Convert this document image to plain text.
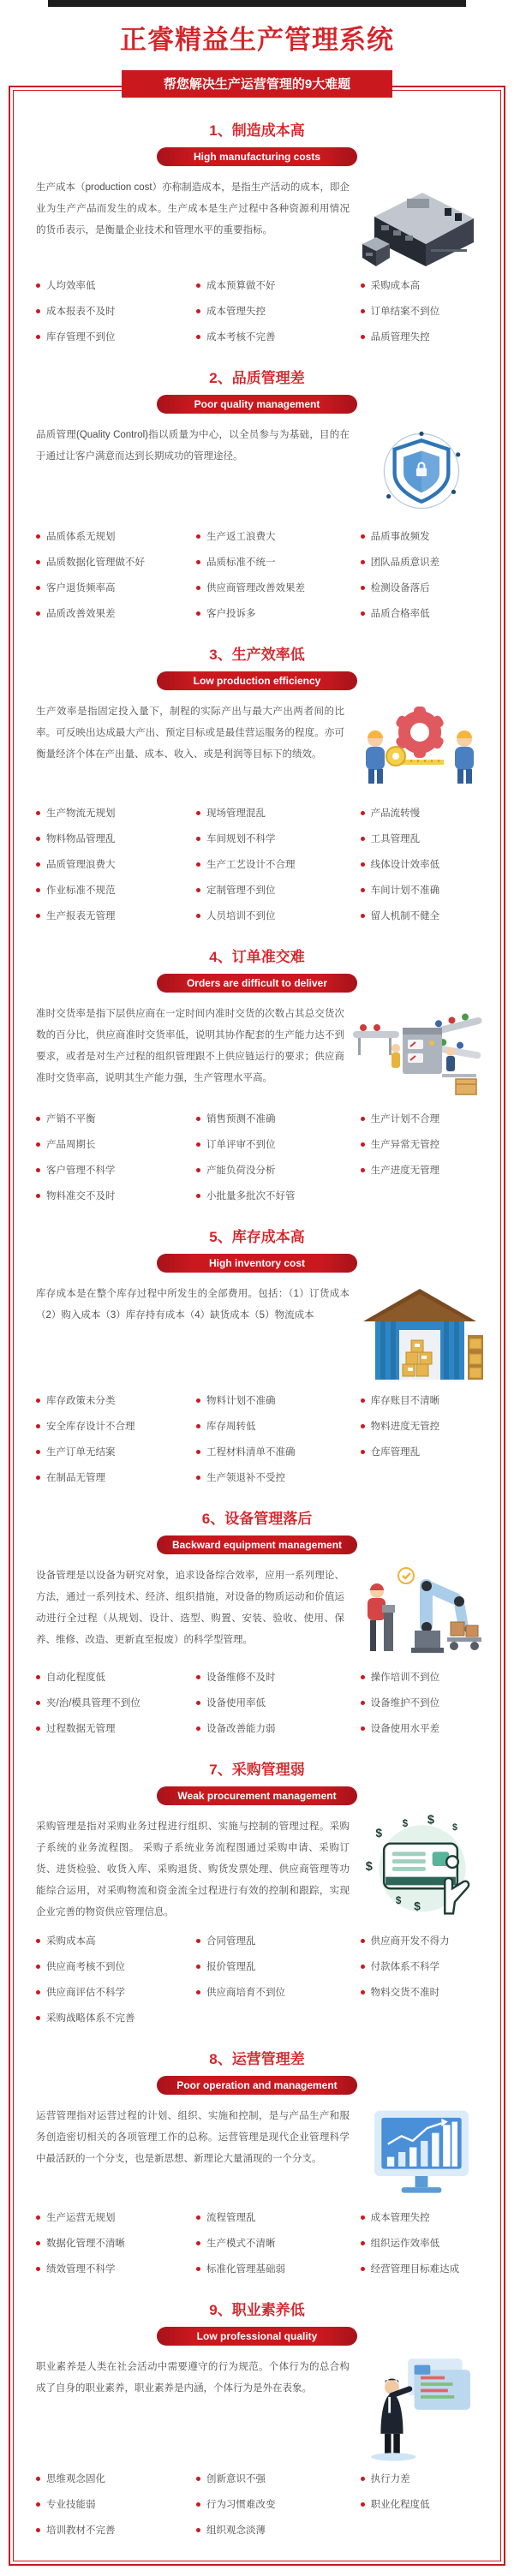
正睿精益生产管理系统
帮您解决生产运营管理的9大难题
1、制造成本高
High manufacturing costs

生产成本（production cost）亦称制造成本，是指生产活动的成本，即企业为生产产品而发生的成本。生产成本是生产过程中各种资源利用情况的货币表示，是衡量企业技术和管理水平的重要指标。

人均效率低	成本预算做不好	采购成本高
成本报表不及时	成本管理失控	订单结案不到位
库存管理不到位	成本考核不完善	品质管理失控
2、品质管理差
Poor quality management

品质管理(Quality Control)指以质量为中心，以全员参与为基础，目的在于通过让客户满意而达到长期成功的管理途径。

品质体系无规划	生产返工浪费大	品质事故频发
品质数据化管理做不好	品质标准不统一	团队品质意识差
客户退货频率高	供应商管理改善效果差	检测设备落后
品质改善效果差	客户投诉多	品质合格率低
3、生产效率低
Low production efficiency

生产效率是指固定投入量下，制程的实际产出与最大产出两者间的比率。可反映出达成最大产出、预定目标或是最佳营运服务的程度。亦可衡量经济个体在产出量、成本、收入、或是利润等目标下的绩效。

生产物流无规划	现场管理混乱	产品流转慢
物料物品管理乱	车间规划不科学	工具管理乱
品质管理浪费大	生产工艺设计不合理	线体设计效率低
作业标准不规范	定制管理不到位	车间计划不准确
生产报表无管理	人员培训不到位	留人机制不健全
4、订单准交难
Orders are difficult to deliver

准时交货率是指下层供应商在一定时间内准时交货的次数占其总交货次数的百分比，供应商准时交货率低，说明其协作配套的生产能力达不到要求，或者是对生产过程的组织管理跟不上供应链运行的要求；供应商准时交货率高，说明其生产能力强，生产管理水平高。

产销不平衡	销售预测不准确	生产计划不合理
产品周期长	订单评审不到位	生产异常无管控
客户管理不科学	产能负荷没分析	生产进度无管理
物料准交不及时	小批量多批次不好管
5、库存成本高
High inventory cost

库存成本是在整个库存过程中所发生的全部费用。包括：（1）订货成本（2）购入成本（3）库存持有成本（4）缺货成本（5）物流成本

库存政策未分类	物料计划不准确	库存账目不清晰
安全库存设计不合理	库存周转低	物料进度无管控
生产订单无结案	工程材料清单不准确	仓库管理乱
在制品无管理	生产领退补不受控
6、设备管理落后
Backward equipment management

设备管理是以设备为研究对象，追求设备综合效率，应用一系列理论、方法，通过一系列技术、经济、组织措施，对设备的物质运动和价值运动进行全过程（从规划、设计、选型、购置、安装、验收、使用、保养、维修、改造、更新直至报废）的科学型管理。

自动化程度低	设备维修不及时	操作培训不到位
夹/治/模具管理不到位	设备使用率低	设备维护不到位
过程数据无管理	设备改善能力弱	设备使用水平差
7、采购管理弱
Weak procurement management

采购管理是指对采购业务过程进行组织、实施与控制的管理过程。采购子系统的业务流程图。 采购子系统业务流程图通过采购申请、采购订货、进货检验、收货入库、采购退货、购货发票处理、供应商管理等功能综合运用，对采购物流和资金流全过程进行有效的控制和跟踪，实现企业完善的物资供应管理信息。

$
$ $
$
$
$ $
采购成本高	合同管理乱	供应商开发不得力
供应商考核不到位	报价管理乱	付款体系不科学
供应商评估不科学	供应商培育不到位	物料交货不准时
采购战略体系不完善
8、运营管理差
Poor operation and management

运营管理指对运营过程的计划、组织、实施和控制，是与产品生产和服务创造密切相关的各项管理工作的总称。运营管理是现代企业管理科学中最活跃的一个分支，也是新思想、新理论大量涌现的一个分支。

生产运营无规划	流程管理乱	成本管理失控
数据化管理不清晰	生产模式不清晰	组织运作效率低
绩效管理不科学	标准化管理基础弱	经营管理目标难达成
9、职业素养低
Low professional quality

职业素养是人类在社会活动中需要遵守的行为规范。个体行为的总合构成了自身的职业素养，职业素养是内涵，个体行为是外在表象。

思维观念固化	创新意识不强	执行力差
专业技能弱	行为习惯难改变	职业化程度低
培训教材不完善	组织观念淡薄
